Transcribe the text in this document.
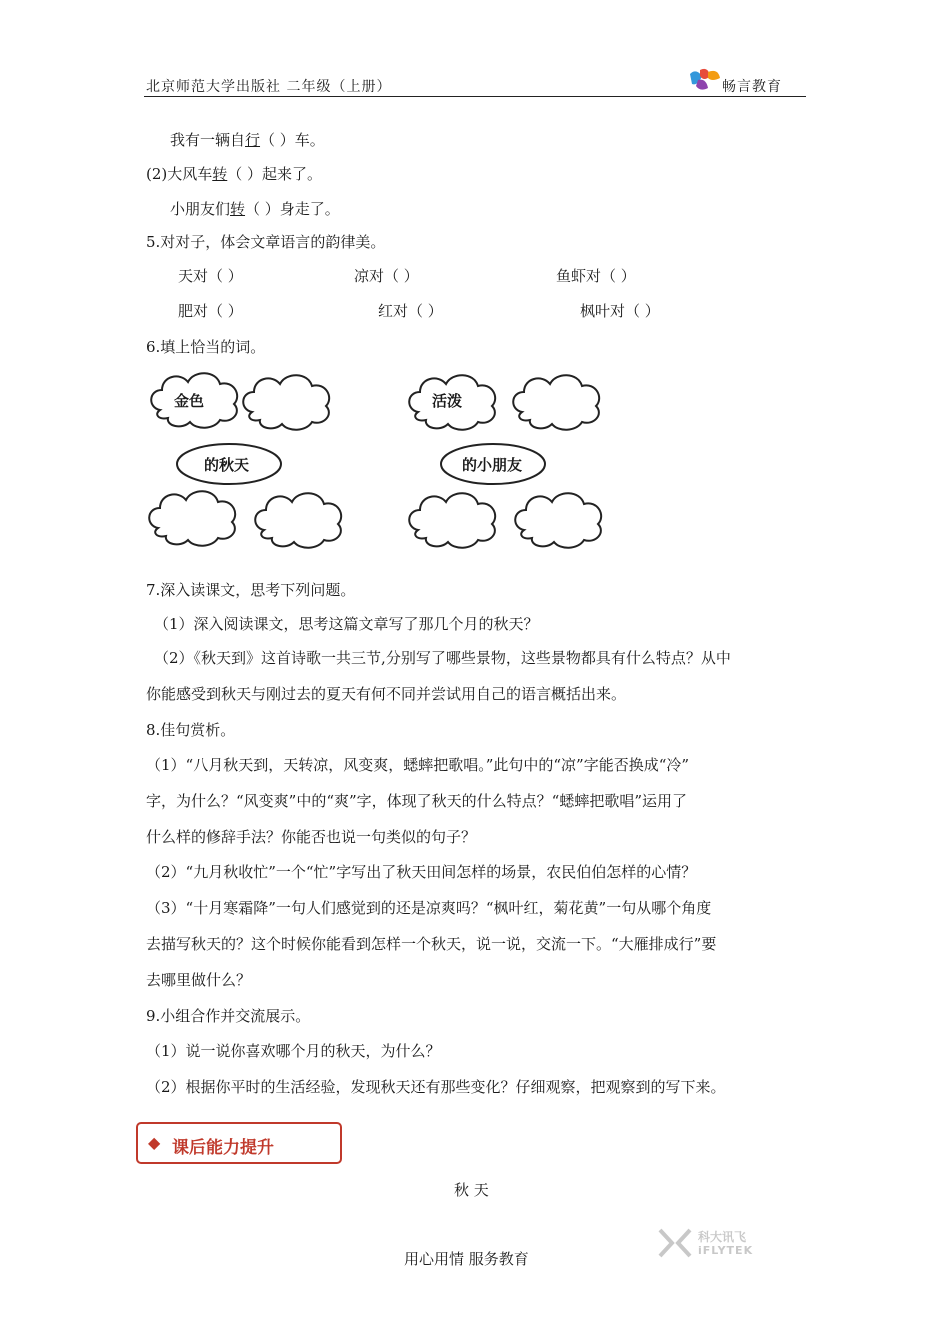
北京师范大学出版社 二年级（上册）	畅言教育
我有一辆自行（ ）车。
(2)大风车转（ ）起来了。
小朋友们转（ ）身走了。
5.对对子，体会文章语言的韵律美。
天对（ ）	凉对（ ）	鱼虾对（ ）
肥对（ ）	红对（ ）	枫叶对（ ）
6.填上恰当的词。
金色
的秋天
活泼
的小朋友
7.深入读课文，思考下列问题。
（1）深入阅读课文，思考这篇文章写了那几个月的秋天？
（2）《秋天到》这首诗歌一共三节,分别写了哪些景物，这些景物都具有什么特点？从中
你能感受到秋天与刚过去的夏天有何不同并尝试用自己的语言概括出来。
8.佳句赏析。
（1）“八月秋天到，天转凉，风变爽，蟋蟀把歌唱。”此句中的“凉”字能否换成“冷”
字，为什么？“风变爽”中的“爽”字，体现了秋天的什么特点？“蟋蟀把歌唱”运用了
什么样的修辞手法？你能否也说一句类似的句子？
（2）“九月秋收忙”一个“忙”字写出了秋天田间怎样的场景，农民伯伯怎样的心情？
（3）“十月寒霜降”一句人们感觉到的还是凉爽吗？“枫叶红，菊花黄”一句从哪个角度
去描写秋天的？这个时候你能看到怎样一个秋天，说一说，交流一下。“大雁排成行”要
去哪里做什么？
9.小组合作并交流展示。
（1）说一说你喜欢哪个月的秋天，为什么？
（2）根据你平时的生活经验，发现秋天还有那些变化？仔细观察，把观察到的写下来。
◆ 课后能力提升
秋 天
科大讯飞
iFLYTEK
用心用情 服务教育
